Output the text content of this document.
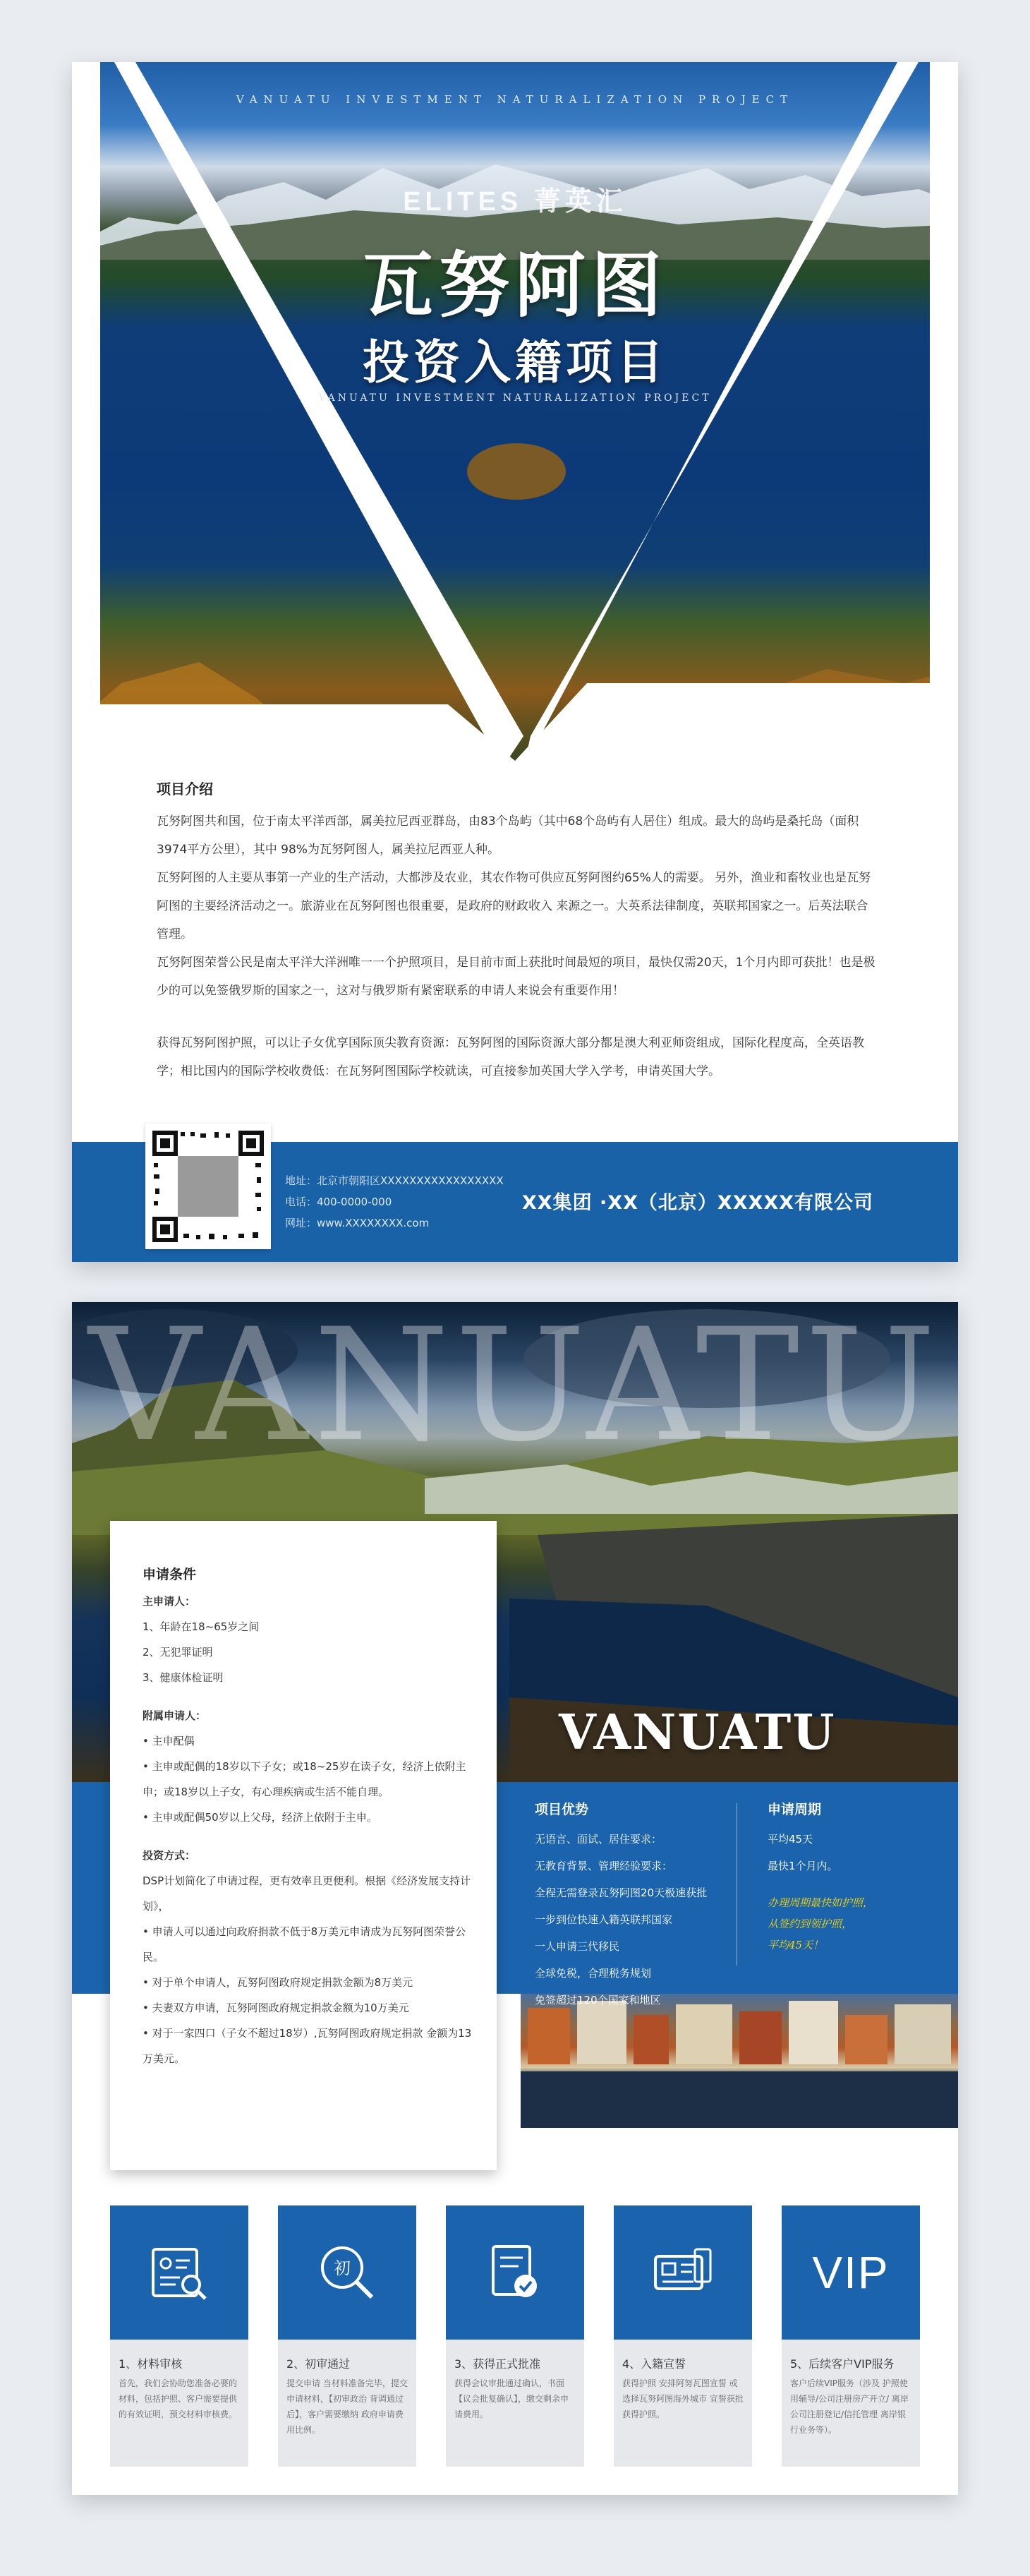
VANUATU INVESTMENT NATURALIZATION PROJECT
ELITES 菁英汇
瓦努阿图
投资入籍项目
VANUATU INVESTMENT NATURALIZATION PROJECT
项目介绍

瓦努阿图共和国，位于南太平洋西部，属美拉尼西亚群岛，由83个岛屿（其中68个岛屿有人居住）组成。最大的岛屿是桑托岛（面积3974平方公里），其中 98%为瓦努阿图人，属美拉尼西亚人种。

瓦努阿图的人主要从事第一产业的生产活动，大都涉及农业，其农作物可供应瓦努阿图约65%人的需要。 另外，渔业和畜牧业也是瓦努阿图的主要经济活动之一。旅游业在瓦努阿图也很重要，是政府的财政收入 来源之一。大英系法律制度，英联邦国家之一。后英法联合管理。

瓦努阿图荣誉公民是南太平洋大洋洲唯一一个护照项目，是目前市面上获批时间最短的项目，最快仅需20天，1个月内即可获批！也是极少的可以免签俄罗斯的国家之一，这对与俄罗斯有紧密联系的申请人来说会有重要作用！

获得瓦努阿图护照，可以让子女优享国际顶尖教育资源：瓦努阿图的国际资源大部分都是澳大利亚师资组成，国际化程度高，全英语教学；相比国内的国际学校收费低：在瓦努阿图国际学校就读，可直接参加英国大学入学考，申请英国大学。

地址：北京市朝阳区XXXXXXXXXXXXXXXXX
电话：400-0000-000
网址：www.XXXXXXXX.com
XX集团 ·XX（北京）XXXXX有限公司
VANUATU
VANUATU
申请条件
主申请人：
1、年龄在18~65岁之间
2、无犯罪证明
3、健康体检证明
附属申请人：
• 主申配偶
• 主申或配偶的18岁以下子女；或18~25岁在读子女，经济上依附主申；或18岁以上子女，有心理疾病或生活不能自理。
• 主申或配偶50岁以上父母，经济上依附于主申。
投资方式：
DSP计划简化了申请过程，更有效率且更便利。根据《经济发展支持计划》，
• 申请人可以通过向政府捐款不低于8万美元申请成为瓦努阿图荣誉公民。
• 对于单个申请人，瓦努阿图政府规定捐款金额为8万美元
• 夫妻双方申请，瓦努阿图政府规定捐款金额为10万美元
• 对于一家四口（子女不超过18岁）,瓦努阿图政府规定捐款 金额为13万美元。
项目优势
无语言、面试、居住要求：
无教育背景、管理经验要求：
全程无需登录瓦努阿图20天极速获批
一步到位快速入籍英联邦国家
一人申请三代移民
全球免税，合理税务规划
免签超过120个国家和地区
申请周期
平均45天
最快1个月内。
办理周期最快如护照，
从签约到领护照，
平均45天！
1、材料审核
首先，我们会协助您准备必要的材料，包括护照、客户需要提供的有效证明，预交材料审核费。
初
2、初审通过
提交申请 当材料准备完毕，提交申请材料，【初审政治 背调通过后】，客户需要缴纳 政府申请费用比例。
3、获得正式批准
获得会议审批通过确认，书面【议会批复确认】，缴交剩余申请费用。
4、入籍宣誓
获得护照 安排阿努瓦图宣誓 或选择瓦努阿图海外城市 宣誓获批获得护照。
VIP
5、后续客户VIP服务
客户后续VIP服务（涉及 护照使用辅导/公司注册房产开立/ 离岸公司注册登记/信托管理 离岸银行业务等）。
